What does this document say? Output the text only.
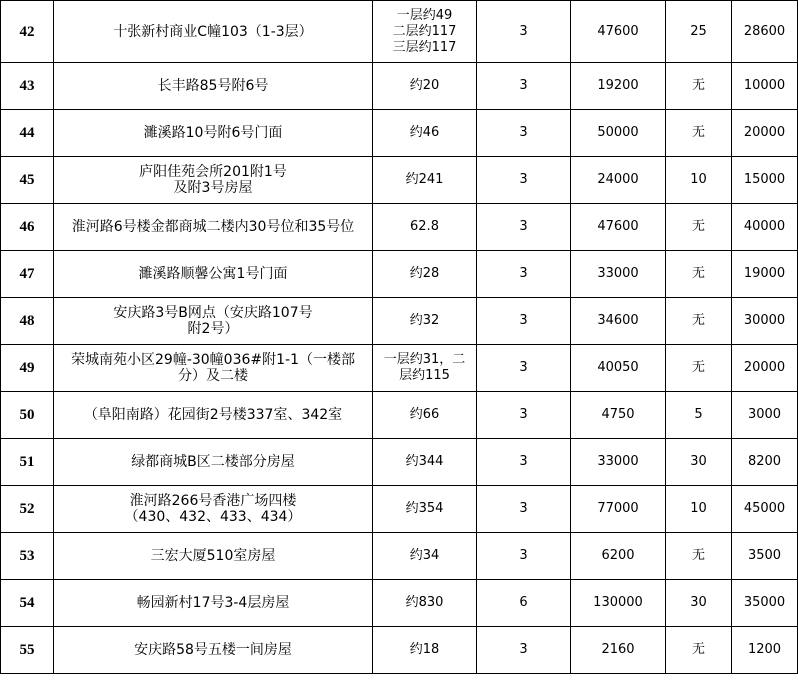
42	十张新村商业C幢103（1-3层）	一层约49
二层约117
三层约117	3	47600	25	28600
43	长丰路85号附6号	约20	3	19200	无	10000
44	濉溪路10号附6号门面	约46	3	50000	无	20000
45	庐阳佳苑会所201附1号
及附3号房屋	约241	3	24000	10	15000
46	淮河路6号楼金都商城二楼内30号位和35号位	62.8	3	47600	无	40000
47	濉溪路顺馨公寓1号门面	约28	3	33000	无	19000
48	安庆路3号B网点（安庆路107号
附2号）	约32	3	34600	无	30000
49	荣城南苑小区29幢-30幢036#附1-1（一楼部
分）及二楼	一层约31，二
层约115	3	40050	无	20000
50	（阜阳南路）花园街2号楼337室、342室	约66	3	4750	5	3000
51	绿都商城B区二楼部分房屋	约344	3	33000	30	8200
52	淮河路266号香港广场四楼
（430、432、433、434）	约354	3	77000	10	45000
53	三宏大厦510室房屋	约34	3	6200	无	3500
54	畅园新村17号3-4层房屋	约830	6	130000	30	35000
55	安庆路58号五楼一间房屋	约18	3	2160	无	1200
